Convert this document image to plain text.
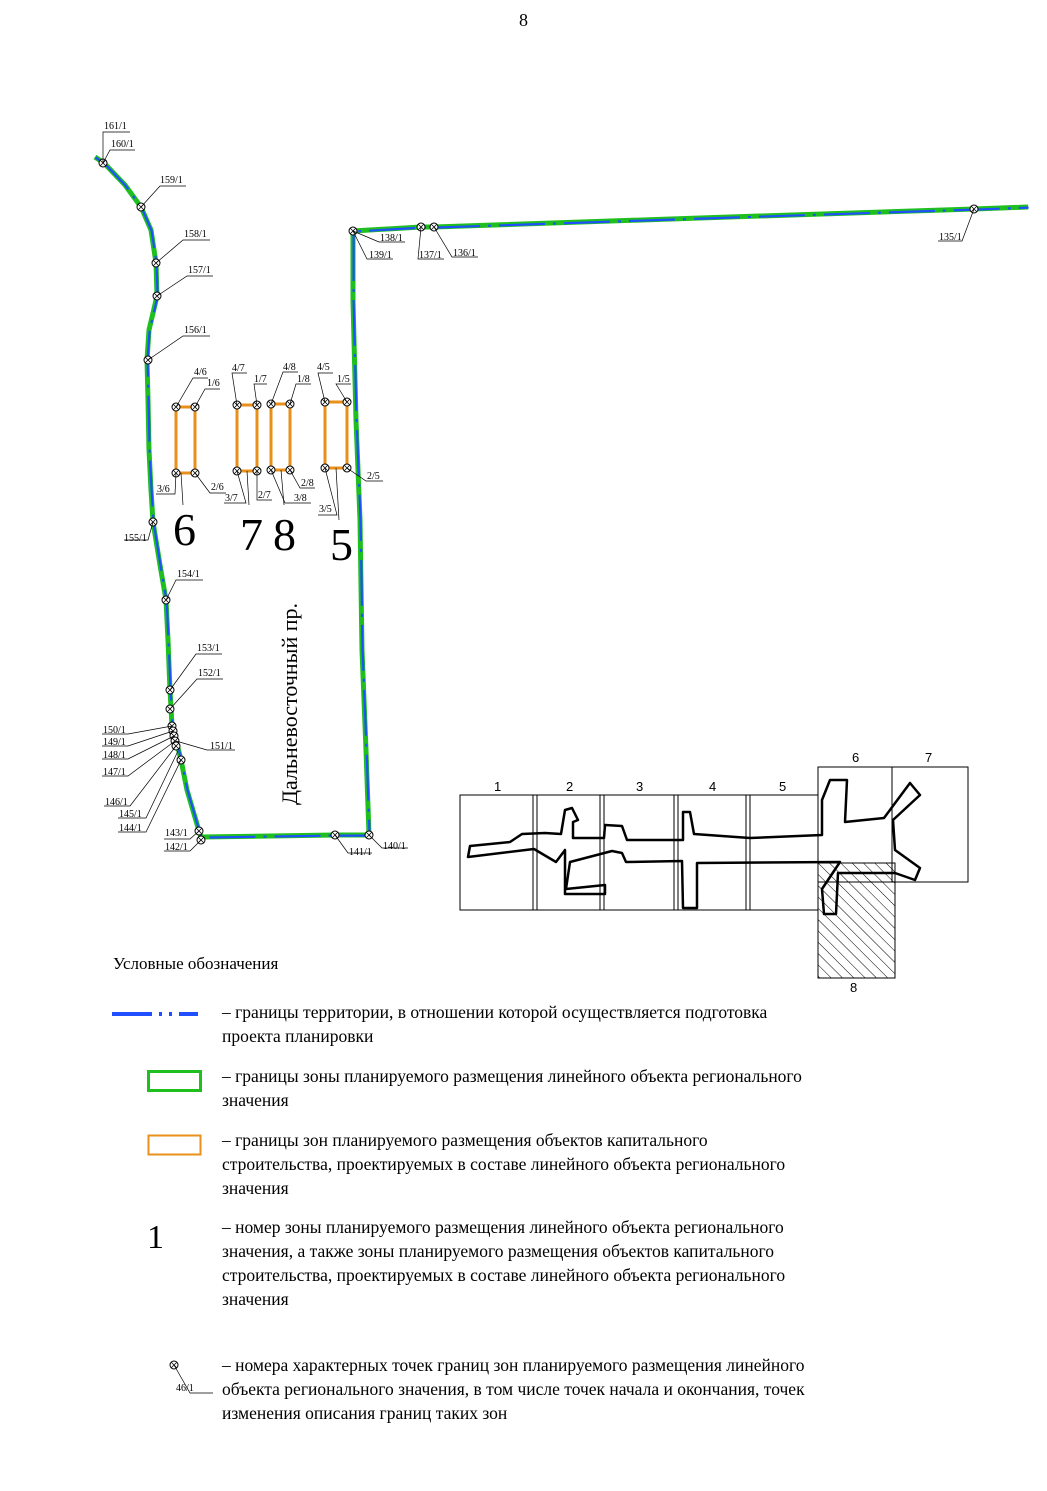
8
161/1
160/1
159/1
158/1
157/1
156/1
155/1
154/1
153/1
152/1
151/1
150/1
149/1
148/1
147/1
146/1
145/1
144/1 143/1
142/1	141/1
140/1
139/1
138/1
137/1 136/1
135/1
4/6
1/6
3/6	2/6
4/7
1/7
3/7 2/7
4/8
1/8
3/8
2/8
4/5
1/5
3/5
2/5
6 7 8 5
Дальневосточный пр.	1	2	3	4	5
6	7
8
Условные обозначения
– границы территории, в отношении которой осуществляется подготовка проекта планировки
– границы зоны планируемого размещения линейного объекта регионального значения
– границы зон планируемого размещения объектов капитального строительства, проектируемых в составе линейного объекта регионального значения
1	– номер зоны планируемого размещения линейного объекта регионального значения, а также зоны планируемого размещения объектов капитального строительства, проектируемых в составе линейного объекта регионального значения
46/1
– номера характерных точек границ зон планируемого размещения линейного объекта регионального значения, в том числе точек начала и окончания, точек изменения описания границ таких зон
